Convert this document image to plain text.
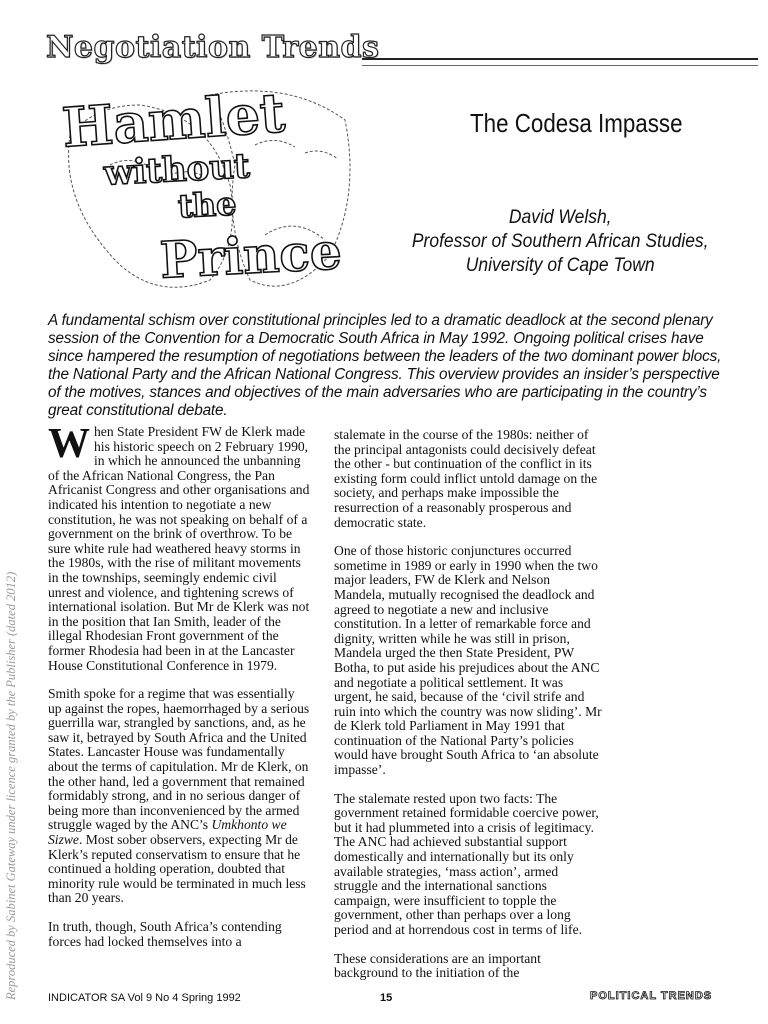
Negotiation Trends
Hamlet
without
the
Prince
The Codesa Impasse
David Welsh,
Professor of Southern African Studies,
University of Cape Town
A fundamental schism over constitutional principles led to a dramatic deadlock at the second plenary session of the Convention for a Democratic South Africa in May 1992. Ongoing political crises have since hampered the resumption of negotiations between the leaders of the two dominant power blocs, the National Party and the African National Congress. This overview provides an insider’s perspective of the motives, stances and objectives of the main adversaries who are participating in the country’s great constitutional debate.

When State President FW de Klerk made his historic speech on 2 February 1990, in which he announced the unbanning of the African National Congress, the Pan Africanist Congress and other organisations and indicated his intention to negotiate a new constitution, he was not speaking on behalf of a government on the brink of overthrow. To be sure white rule had weathered heavy storms in the 1980s, with the rise of militant movements in the townships, seemingly endemic civil unrest and violence, and tightening screws of international isolation. But Mr de Klerk was not in the position that Ian Smith, leader of the illegal Rhodesian Front government of the former Rhodesia had been in at the Lancaster House Constitutional Conference in 1979.

Smith spoke for a regime that was essentially up against the ropes, haemorrhaged by a serious guerrilla war, strangled by sanctions, and, as he saw it, betrayed by South Africa and the United States. Lancaster House was fundamentally about the terms of capitulation. Mr de Klerk, on the other hand, led a government that remained formidably strong, and in no serious danger of being more than inconvenienced by the armed struggle waged by the ANC’s Umkhonto we Sizwe. Most sober observers, expecting Mr de Klerk’s reputed conservatism to ensure that he continued a holding operation, doubted that minority rule would be terminated in much less than 20 years.

In truth, though, South Africa’s contending forces had locked themselves into a

stalemate in the course of the 1980s: neither of the principal antagonists could decisively defeat the other - but continuation of the conflict in its existing form could inflict untold damage on the society, and perhaps make impossible the resurrection of a reasonably prosperous and democratic state.

One of those historic conjunctures occurred sometime in 1989 or early in 1990 when the two major leaders, FW de Klerk and Nelson Mandela, mutually recognised the deadlock and agreed to negotiate a new and inclusive constitution. In a letter of remarkable force and dignity, written while he was still in prison, Mandela urged the then State President, PW Botha, to put aside his prejudices about the ANC and negotiate a political settlement. It was urgent, he said, because of the ‘civil strife and ruin into which the country was now sliding’. Mr de Klerk told Parliament in May 1991 that continuation of the National Party’s policies would have brought South Africa to ‘an absolute impasse’.

The stalemate rested upon two facts: The government retained formidable coercive power, but it had plummeted into a crisis of legitimacy. The ANC had achieved substantial support domestically and internationally but its only available strategies, ‘mass action’, armed struggle and the international sanctions campaign, were insufficient to topple the government, other than perhaps over a long period and at horrendous cost in terms of life.

These considerations are an important background to the initiation of the

Reproduced by Sabinet Gateway under licence granted by the Publisher (dated 2012)	INDICATOR SA Vol 9 No 4 Spring 1992	15	POLITICAL TRENDS
